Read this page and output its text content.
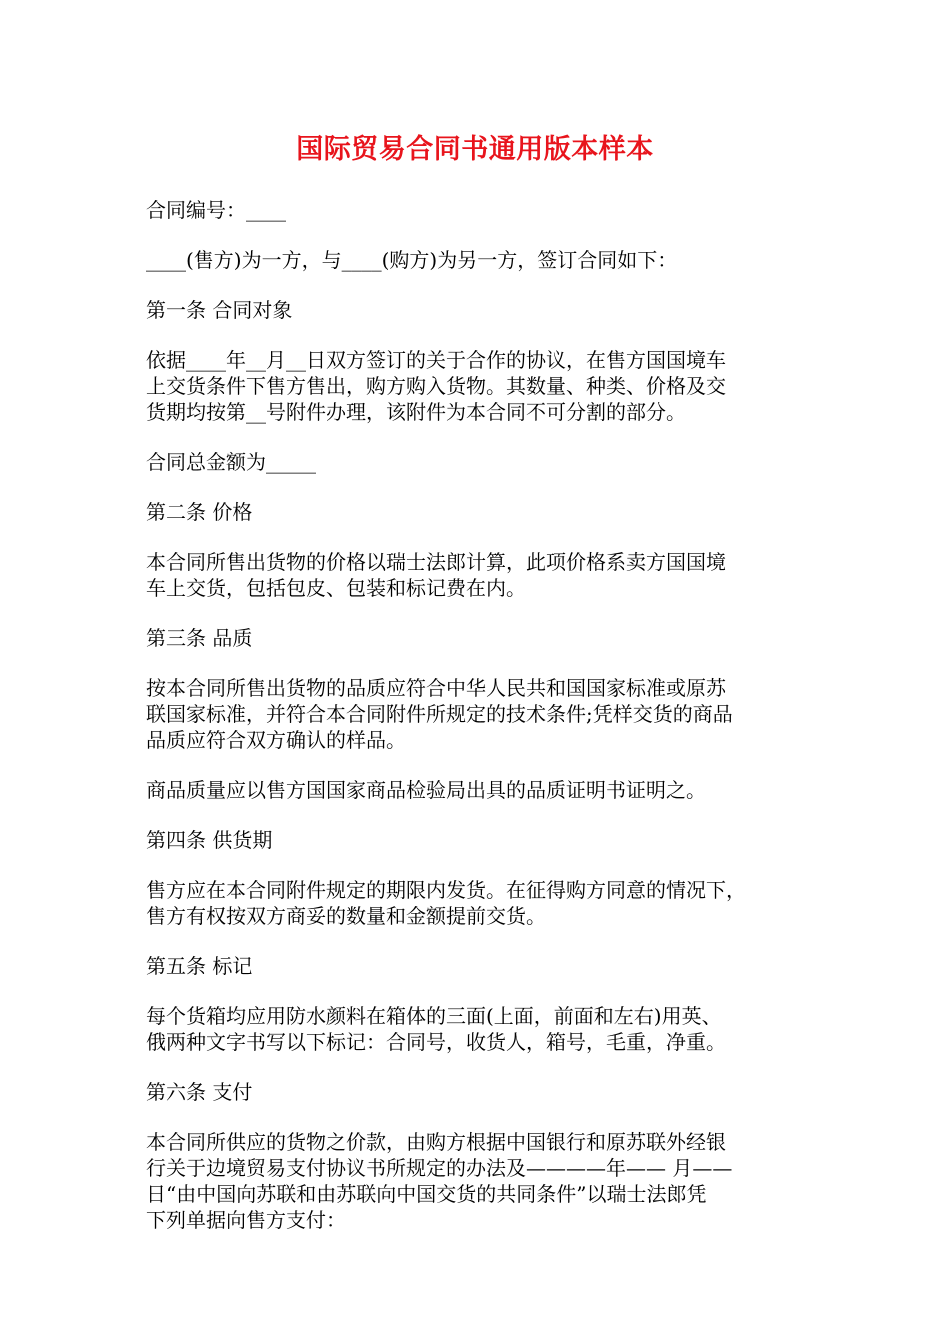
国际贸易合同书通用版本样本

合同编号：____

____(售方)为一方，与____(购方)为另一方，签订合同如下：

第一条 合同对象

依据____年__月__日双方签订的关于合作的协议，在售方国国境车

上交货条件下售方售出，购方购入货物。其数量、种类、价格及交

货期均按第__号附件办理，该附件为本合同不可分割的部分。

合同总金额为_____

第二条 价格

本合同所售出货物的价格以瑞士法郎计算，此项价格系卖方国国境

车上交货，包括包皮、包装和标记费在内。

第三条 品质

按本合同所售出货物的品质应符合中华人民共和国国家标准或原苏

联国家标准，并符合本合同附件所规定的技术条件;凭样交货的商品

品质应符合双方确认的样品。

商品质量应以售方国国家商品检验局出具的品质证明书证明之。

第四条 供货期

售方应在本合同附件规定的期限内发货。在征得购方同意的情况下，

售方有权按双方商妥的数量和金额提前交货。

第五条 标记

每个货箱均应用防水颜料在箱体的三面(上面，前面和左右)用英、

俄两种文字书写以下标记：合同号，收货人，箱号，毛重，净重。

第六条 支付

本合同所供应的货物之价款，由购方根据中国银行和原苏联外经银

行关于边境贸易支付协议书所规定的办法及————年—— 月——

日“由中国向苏联和由苏联向中国交货的共同条件”以瑞士法郎凭

下列单据向售方支付：
